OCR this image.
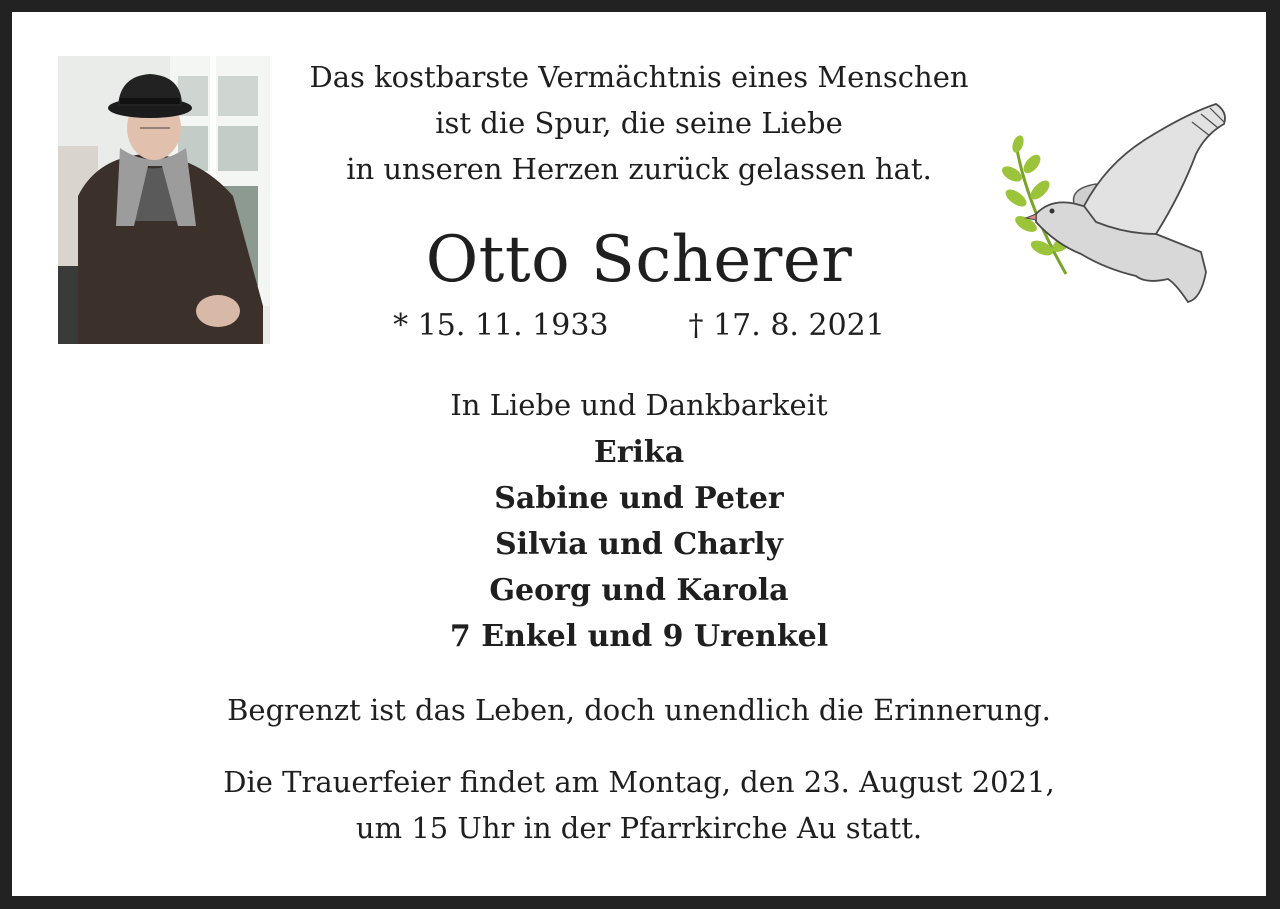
Das kostbarste Vermächtnis eines Menschen
ist die Spur, die seine Liebe
in unseren Herzen zurück gelassen hat.
Otto Scherer
* 15. 11. 1933	† 17. 8. 2021
In Liebe und Dankbarkeit
Erika
Sabine und Peter
Silvia und Charly
Georg und Karola
7 Enkel und 9 Urenkel
Begrenzt ist das Leben, doch unendlich die Erinnerung.
Die Trauerfeier findet am Montag, den 23. August 2021,
um 15 Uhr in der Pfarrkirche Au statt.
